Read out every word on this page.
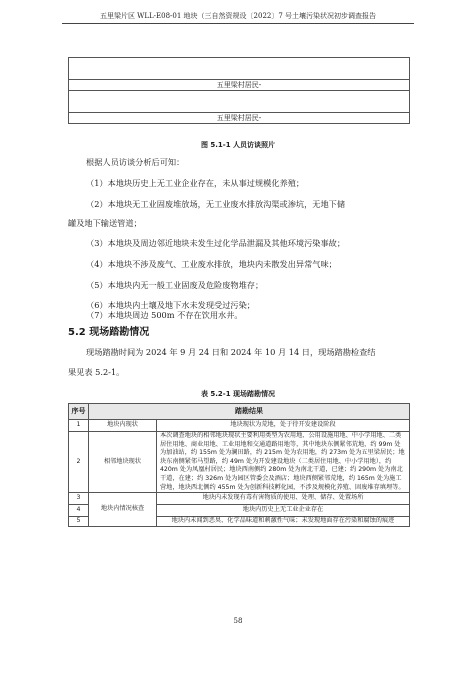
五里梁片区 WLL-E08-01 地块（三自然资规设〔2022〕7 号土壤污染状况初步调查报告

五里梁村居民-

五里梁村居民-
图 5.1-1 人员访谈照片
根据人员访谈分析后可知：
（1）本地块历史上无工业企业存在，未从事过规模化养殖；
（2）本地块无工业固废堆放场，无工业废水排放沟渠或渗坑，无地下储
罐及地下输送管道；
（3）本地块及周边邻近地块未发生过化学品泄漏及其他环境污染事故；
（4）本地块不涉及废气、工业废水排放，地块内未散发出异常气味；
（5）本地块内无一般工业固废及危险废物堆存；
（6）本地块内土壤及地下水未发现受过污染；
（7）本地块周边 500m 不存在饮用水井。
5.2 现场踏勘情况
现场踏勘时间为 2024 年 9 月 24 日和 2024 年 10 月 14 日，现场踏勘检查结
果见表 5.2-1。
表 5.2-1 现场踏勘情况
序号	踏勘结果	
1	地块内现状	地块现状为荒地，处于待开发建设阶段
2	相邻地块现状	本次调查地块的相邻地块现状主要利用类型为农用地、公用设施用地、中小学用地、二类居住用地、商业用地、工业用地和交通道路用地等，其中地块东侧紧邻荒地，约 99m 处为加油站，约 155m 处为澜田路，约 215m 处为农用地，约 273m 处为五里梁居民；地块东南侧紧邻马望路，约 49m 处为开发建设地块（二类居住用地、中小学用地），约 420m 处为凤凰村居民；地块西南侧约 280m 处为南北干道，已建；约 290m 处为南北干道，在建；约 326m 处为园区管委会及酒店；地块西侧紧邻荒地，约 165m 处为施工营地，地块西北侧约 455m 处为创新科技孵化园，不涉及规模化养殖、固废堆存填埋等。
3	地块内情况核查	地块内未发现有毒有害物质的使用、处理、储存、处置场所
4		地块内历史上无工业企业存在
5		地块内未闻到恶臭、化学品味道和刺激性气味；未发现地面存在污染和腐蚀的痕迹
58
